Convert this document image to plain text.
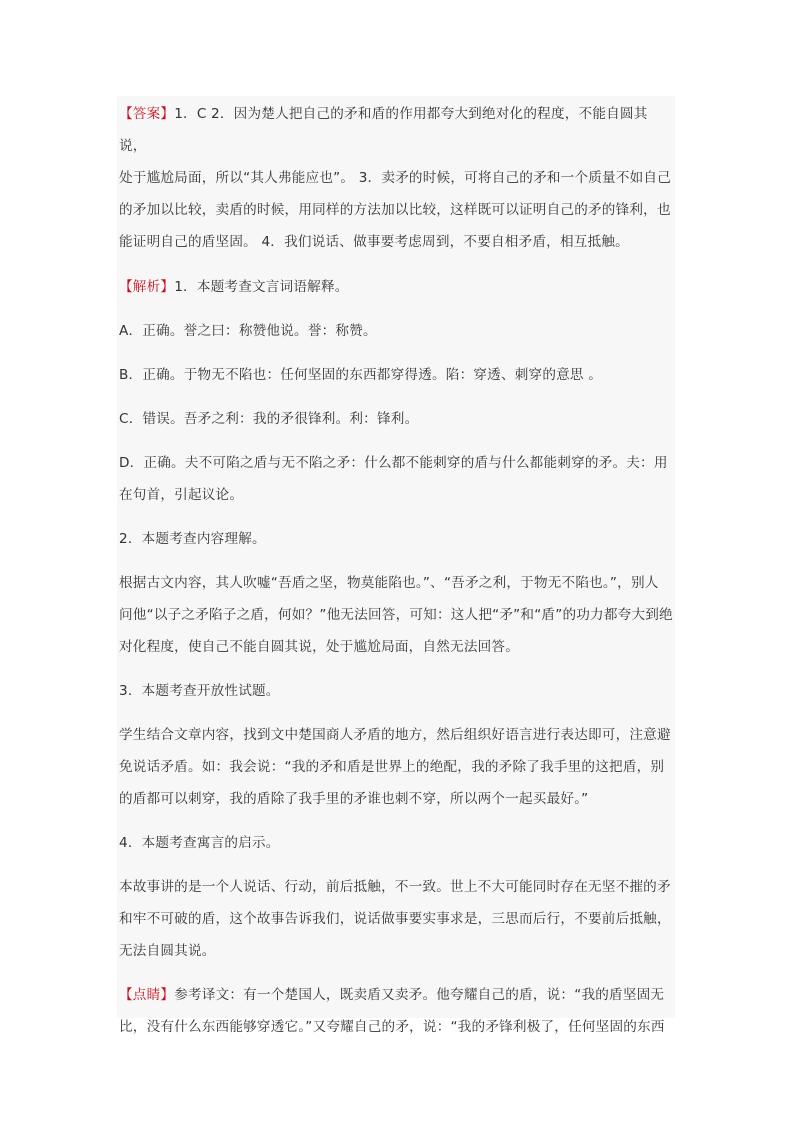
【答案】1．C 2．因为楚人把自己的矛和盾的作用都夸大到绝对化的程度，不能自圆其说，

处于尴尬局面，所以“其人弗能应也”。 3．卖矛的时候，可将自己的矛和一个质量不如自己

的矛加以比较，卖盾的时候，用同样的方法加以比较，这样既可以证明自己的矛的锋利，也

能证明自己的盾坚固。 4．我们说话、做事要考虑周到，不要自相矛盾，相互抵触。

【解析】1．本题考查文言词语解释。

A．正确。誉之曰：称赞他说。誉：称赞。

B．正确。于物无不陷也：任何坚固的东西都穿得透。陷：穿透、刺穿的意思 。

C．错误。吾矛之利：我的矛很锋利。利：锋利。

D．正确。夫不可陷之盾与无不陷之矛：什么都不能刺穿的盾与什么都能刺穿的矛。夫：用

在句首，引起议论。

2．本题考查内容理解。

根据古文内容，其人吹嘘“吾盾之坚，物莫能陷也。”、“吾矛之利，于物无不陷也。”，别人

问他“以子之矛陷子之盾，何如？”他无法回答，可知：这人把“矛”和“盾”的功力都夸大到绝

对化程度，使自己不能自圆其说，处于尴尬局面，自然无法回答。

3．本题考查开放性试题。

学生结合文章内容，找到文中楚国商人矛盾的地方，然后组织好语言进行表达即可，注意避

免说话矛盾。如：我会说：“我的矛和盾是世界上的绝配，我的矛除了我手里的这把盾，别

的盾都可以刺穿，我的盾除了我手里的矛谁也刺不穿，所以两个一起买最好。”

4．本题考查寓言的启示。

本故事讲的是一个人说话、行动，前后抵触，不一致。世上不大可能同时存在无坚不摧的矛

和牢不可破的盾，这个故事告诉我们，说话做事要实事求是，三思而后行，不要前后抵触，

无法自圆其说。

【点睛】参考译文：有一个楚国人，既卖盾又卖矛。他夸耀自己的盾，说：“我的盾坚固无

比，没有什么东西能够穿透它。”又夸耀自己的矛，说：“我的矛锋利极了，任何坚固的东西
